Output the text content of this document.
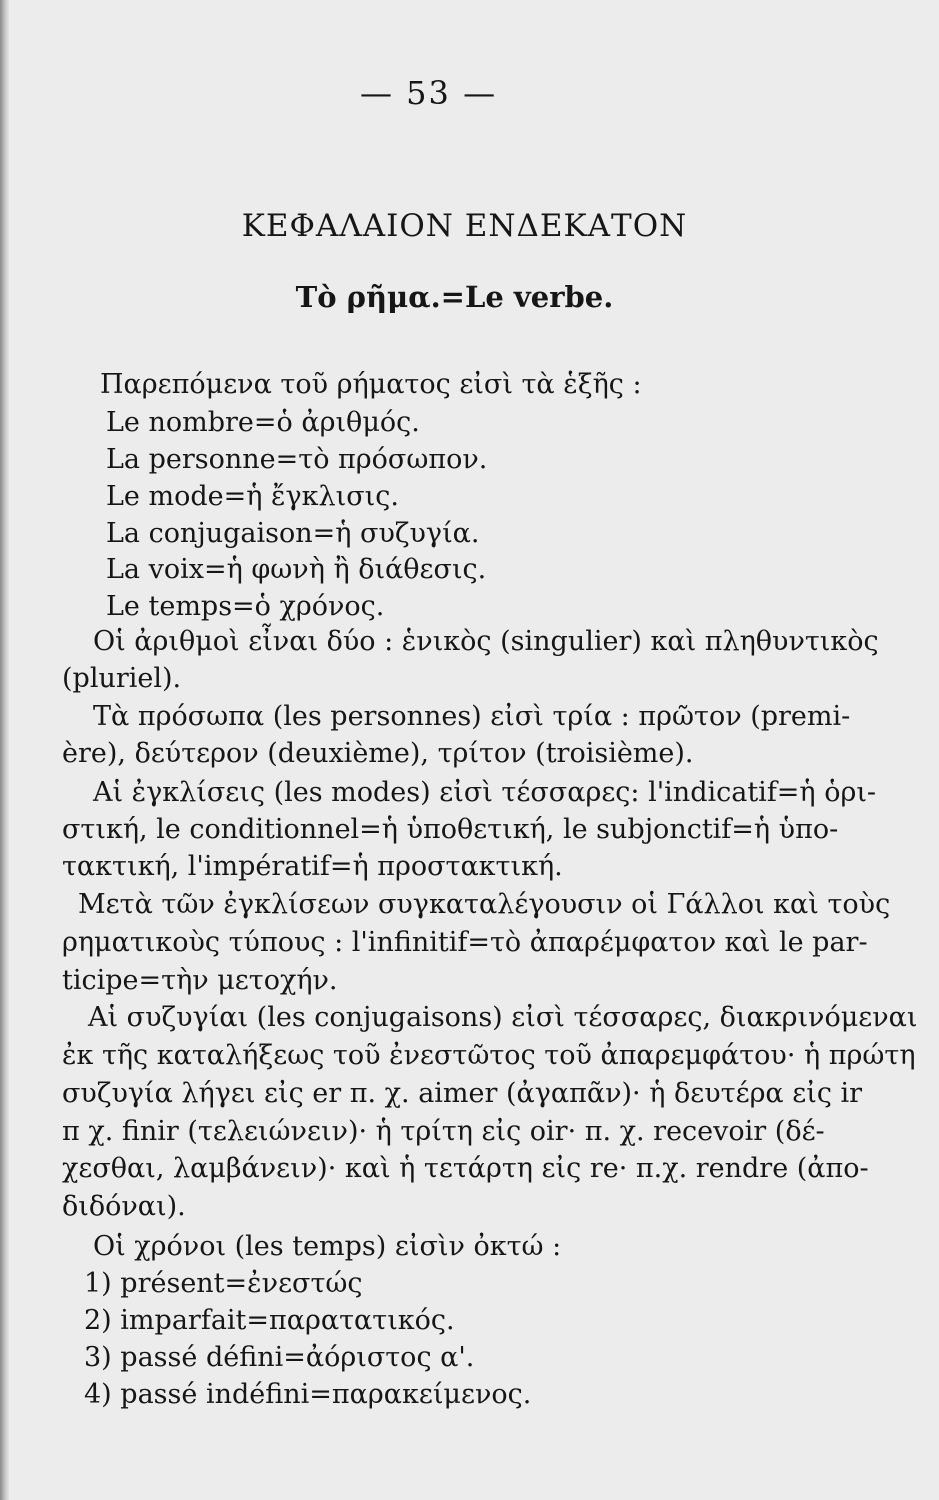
— 53 —
ΚΕΦΑΛΑΙΟΝ ΕΝΔΕΚΑΤΟΝ
Τὸ ρῆμα.=Le verbe.
Παρεπόμενα τοῦ ρήματος εἰσὶ τὰ ἑξῆς :
Le nombre=ὁ ἀριθμός.
La personne=τὸ πρόσωπον.
Le mode=ἡ ἔγκλισις.
La conjugaison=ἡ συζυγία.
La voix=ἡ φωνὴ ἢ διάθεσις.
Le temps=ὁ χρόνος.
Οἱ ἀριθμοὶ εἶναι δύο : ἑνικὸς (singulier) καὶ πληθυντικὸς
(pluriel).
Τὰ πρόσωπα (les personnes) εἰσὶ τρία : πρῶτον (premi-
ère), δεύτερον (deuxième), τρίτον (troisième).
Αἱ ἐγκλίσεις (les modes) εἰσὶ τέσσαρες: l'indicatif=ἡ ὁρι-
στική, le conditionnel=ἡ ὑποθετική, le subjonctif=ἡ ὑπο-
τακτική, l'impératif=ἡ προστακτική.
Μετὰ τῶν ἐγκλίσεων συγκαταλέγουσιν οἱ Γάλλοι καὶ τοὺς
ρηματικοὺς τύπους : l'infinitif=τὸ ἀπαρέμφατον καὶ le par-
ticipe=τὴν μετοχήν.
Αἱ συζυγίαι (les conjugaisons) εἰσὶ τέσσαρες, διακρινόμεναι
ἐκ τῆς καταλήξεως τοῦ ἐνεστῶτος τοῦ ἀπαρεμφάτου· ἡ πρώτη
συζυγία λήγει εἰς er π. χ. aimer (ἀγαπᾶν)· ἡ δευτέρα εἰς ir
π χ. finir (τελειώνειν)· ἡ τρίτη εἰς oir· π. χ. recevoir (δέ-
χεσθαι, λαμβάνειν)· καὶ ἡ τετάρτη εἰς re· π.χ. rendre (ἀπο-
διδόναι).
Οἱ χρόνοι (les temps) εἰσὶν ὀκτώ :
1) présent=ἐνεστώς
2) imparfait=παρατατικός.
3) passé défini=ἀόριστος α'.
4) passé indéfini=παρακείμενος.
